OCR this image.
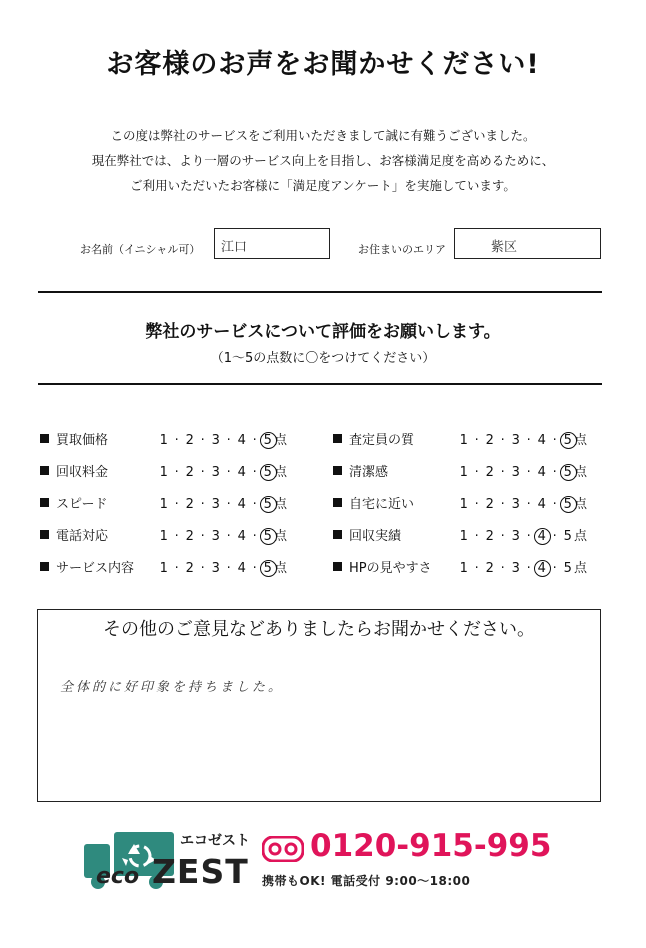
お客様のお声をお聞かせください!
この度は弊社のサービスをご利用いただきまして誠に有難うございました。
現在弊社では、より一層のサービス向上を目指し、お客様満足度を高めるために、
ご利用いただいたお客様に「満足度アンケート」を実施しています。
お名前（イニシャル可）	江口	お住まいのエリア	紫区
弊社のサービスについて評価をお願いします。
（1～5の点数に〇をつけてください）
買取価格	1 · 2 · 3 · 4 · 5 点
回収料金	1 · 2 · 3 · 4 · 5 点
スピード	1 · 2 · 3 · 4 · 5 点
電話対応	1 · 2 · 3 · 4 · 5 点
サービス内容 1 · 2 · 3 · 4 · 5 点
査定員の質	1 · 2 · 3 · 4 · 5 点
清潔感	1 · 2 · 3 · 4 · 5 点
自宅に近い	1 · 2 · 3 · 4 · 5 点
回収実績	1 · 2 · 3 · 4 · 5 点
HPの見やすさ 1 · 2 · 3 · 4 · 5 点
その他のご意見などありましたらお聞かせください。
全体的に好印象を持ちました。
エコゼスト
eco ZEST
0120-915-995
携帯もOK! 電話受付 9:00～18:00
